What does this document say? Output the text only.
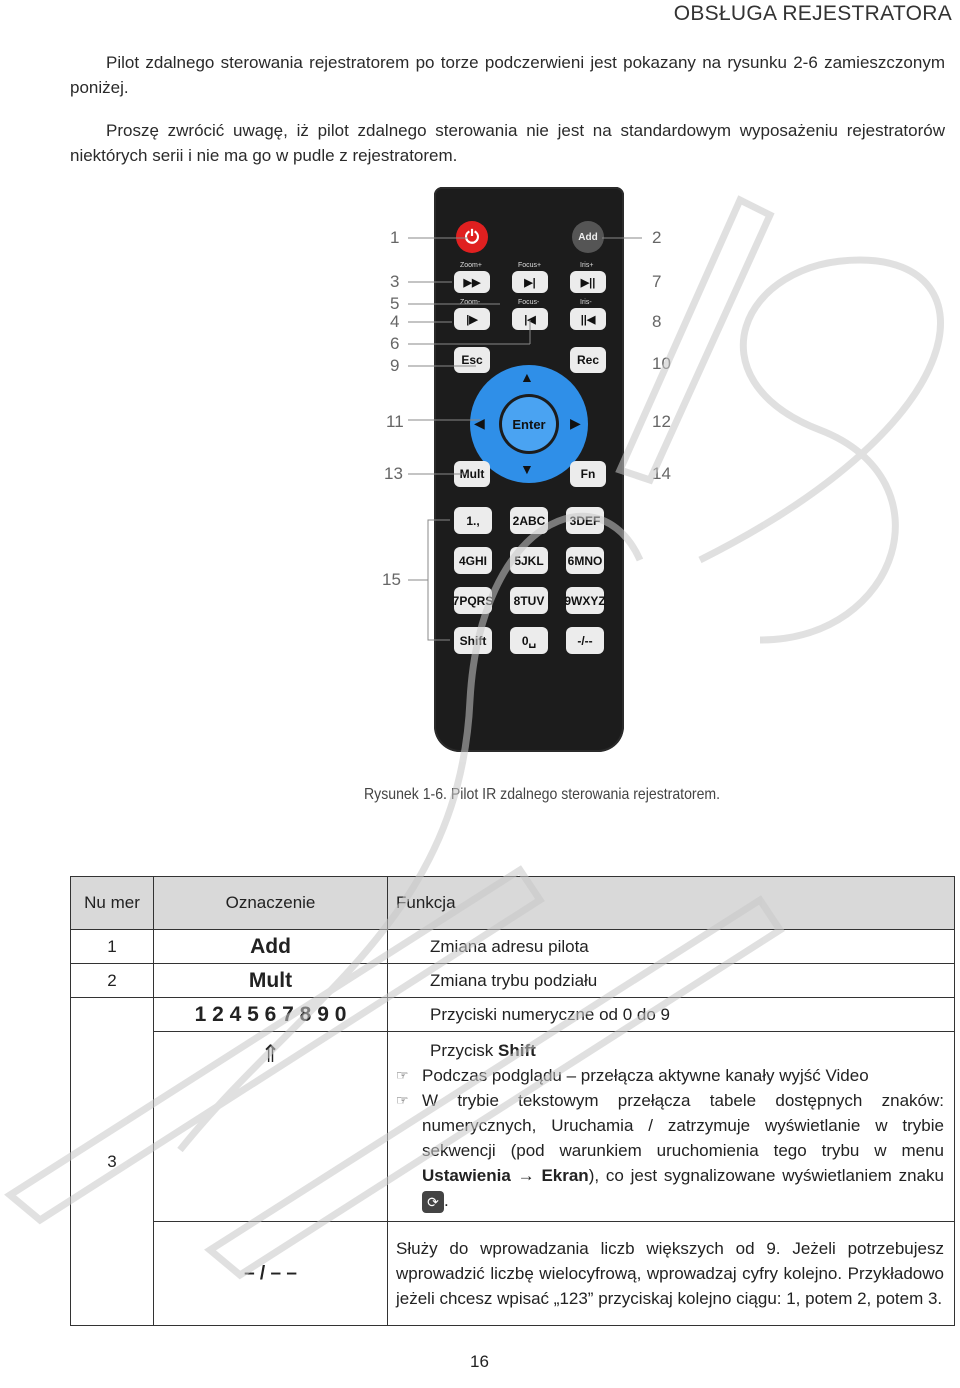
OBSŁUGA REJESTRATORA
Pilot zdalnego sterowania rejestratorem po torze podczerwieni jest pokazany na rysunku 2-6 zamieszczonym poniżej.
Proszę zwrócić uwagę, iż pilot zdalnego sterowania nie jest na standardowym wyposażeniu rejestratorów niektórych serii i nie ma go w pudle z rejestratorem.
⏻	Add
Zoom+	Focus+	Iris+
▶▶	▶|	▶||
Zoom-	Focus-	Iris-
|▶	|◀	||◀
Esc	Rec
Enter
▲
▼
◀	▶
Mult	Fn
1.,	2ABC	3DEF
4GHI	5JKL	6MNO
7PQRS	8TUV	9WXYZ
Shift	0␣	-/--
1	2
3	7
5
4	8
6
9	10
11	12
13	14
15
Rysunek 1-6. Pilot IR zdalnego sterowania rejestratorem.
Nu mer	Oznaczenie	Funkcja
1	Add	Zmiana adresu pilota
2	Mult	Zmiana trybu podziału
3	1 2 4 5 6 7 8 9 0	Przyciski numeryczne od 0 do 9
	⇑	Przycisk Shift
☞ Podczas podglądu – przełącza aktywne kanały wyjść Video
☞ W trybie tekstowym przełącza tabele dostępnych znaków: numerycznych, Uruchamia / zatrzymuje wyświetlanie w trybie sekwencji (pod warunkiem uruchomienia tego trybu w menu Ustawienia → Ekran), co jest sygnalizowane wyświetlaniem znaku ⟳ .

	– / – –	Służy do wprowadzania liczb większych od 9. Jeżeli potrzebujesz wprowadzić liczbę wielocyfrową, wprowadzaj cyfry kolejno. Przykładowo jeżeli chcesz wpisać „123” przyciskaj kolejno ciągu: 1, potem 2, potem 3.
16
